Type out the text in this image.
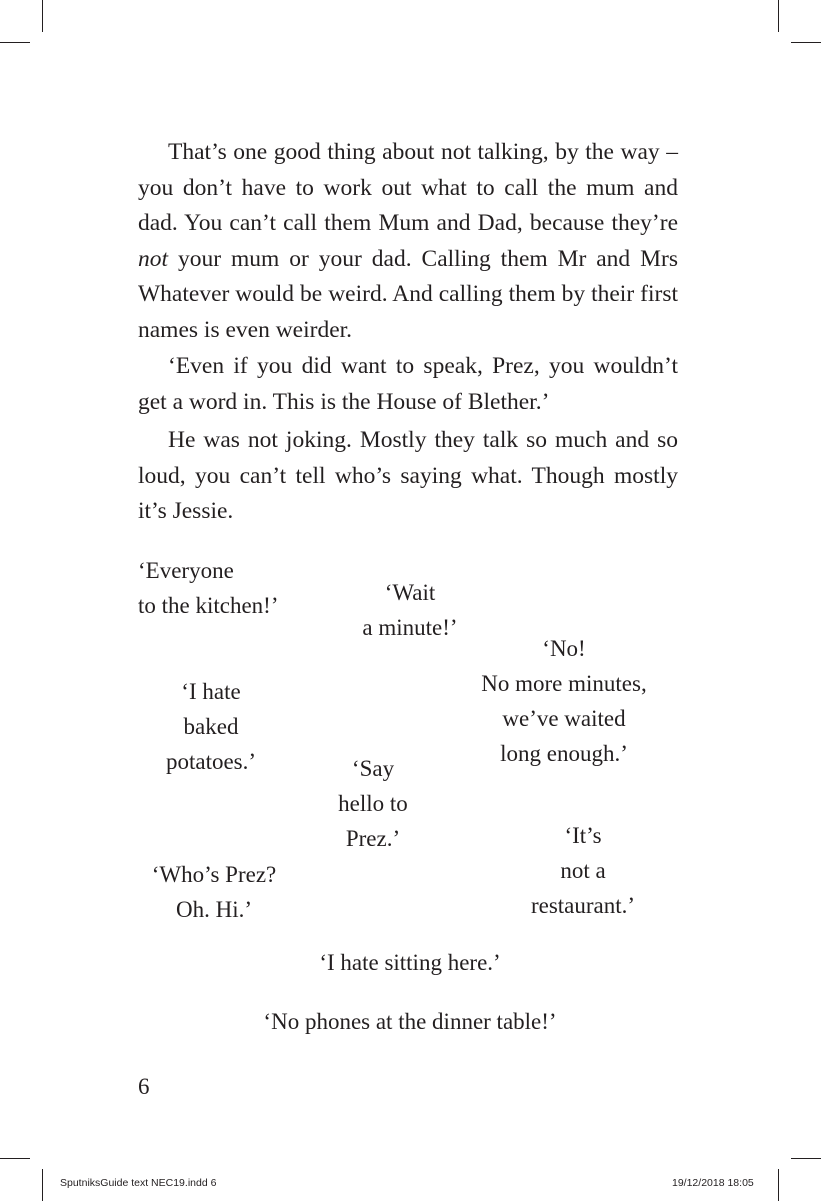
That’s one good thing about not talking, by the way – you don’t have to work out what to call the mum and dad. You can’t call them Mum and Dad, because they’re not your mum or your dad. Calling them Mr and Mrs Whatever would be weird. And calling them by their first names is even weirder.

‘Even if you did want to speak, Prez, you wouldn’t get a word in. This is the House of Blether.’

He was not joking. Mostly they talk so much and so loud, you can’t tell who’s saying what. Though mostly it’s Jessie.

‘Everyone
to the kitchen!’
‘Wait
a minute!’
‘No!
No more minutes,
we’ve waited
long enough.’
‘I hate
baked
potatoes.’	‘Say
hello to
Prez.’	‘It’s
not a
restaurant.’
‘Who’s Prez?
Oh. Hi.’
‘I hate sitting here.’
‘No phones at the dinner table!’
6
SputniksGuide text NEC19.indd 6	19/12/2018 18:05
